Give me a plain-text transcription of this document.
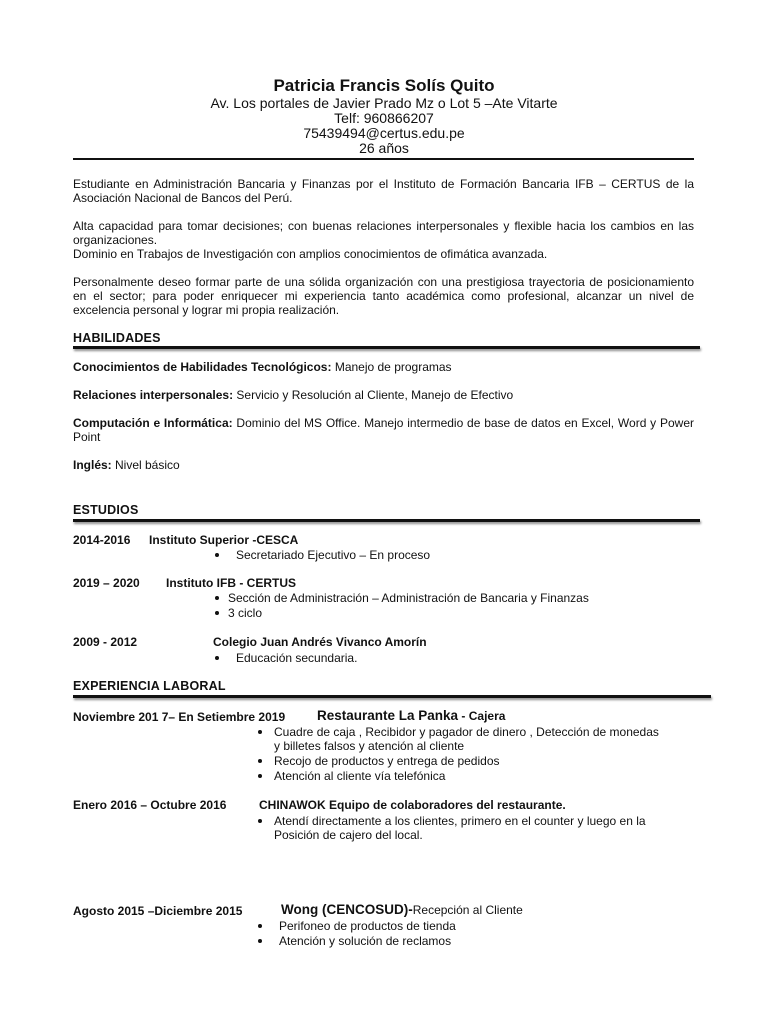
Patricia Francis Solís Quito
Av. Los portales de Javier Prado Mz o Lot 5 –Ate Vitarte
Telf: 960866207
75439494@certus.edu.pe
26 años
Estudiante en Administración Bancaria y Finanzas por el Instituto de Formación Bancaria IFB – CERTUS de la Asociación Nacional de Bancos del Perú.
Alta capacidad para tomar decisiones; con buenas relaciones interpersonales y flexible hacia los cambios en las organizaciones.
Dominio en Trabajos de Investigación con amplios conocimientos de ofimática avanzada.
Personalmente deseo formar parte de una sólida organización con una prestigiosa trayectoria de posicionamiento en el sector; para poder enriquecer mi experiencia tanto académica como profesional, alcanzar un nivel de excelencia personal y lograr mi propia realización.
HABILIDADES
Conocimientos de Habilidades Tecnológicos: Manejo de programas
Relaciones interpersonales: Servicio y Resolución al Cliente, Manejo de Efectivo
Computación e Informática: Dominio del MS Office. Manejo intermedio de base de datos en Excel, Word y Power Point
Inglés: Nivel básico
ESTUDIOS
2014-2016 Instituto Superior -CESCA
Secretariado Ejecutivo – En proceso
2019 – 2020 Instituto IFB - CERTUS
Sección de Administración – Administración de Bancaria y Finanzas
3 ciclo
2009 - 2012	Colegio Juan Andrés Vivanco Amorín
Educación secundaria.
EXPERIENCIA LABORAL
Noviembre 201 7– En Setiembre 2019 Restaurante La Panka - Cajera
Cuadre de caja , Recibidor y pagador de dinero , Detección de monedas
y billetes falsos y atención al cliente
Recojo de productos y entrega de pedidos
Atención al cliente vía telefónica
Enero 2016 – Octubre 2016	CHINAWOK Equipo de colaboradores del restaurante.
Atendí directamente a los clientes, primero en el counter y luego en la
Posición de cajero del local.
Agosto 2015 –Diciembre 2015	Wong (CENCOSUD)-Recepción al Cliente
Perifoneo de productos de tienda
Atención y solución de reclamos
